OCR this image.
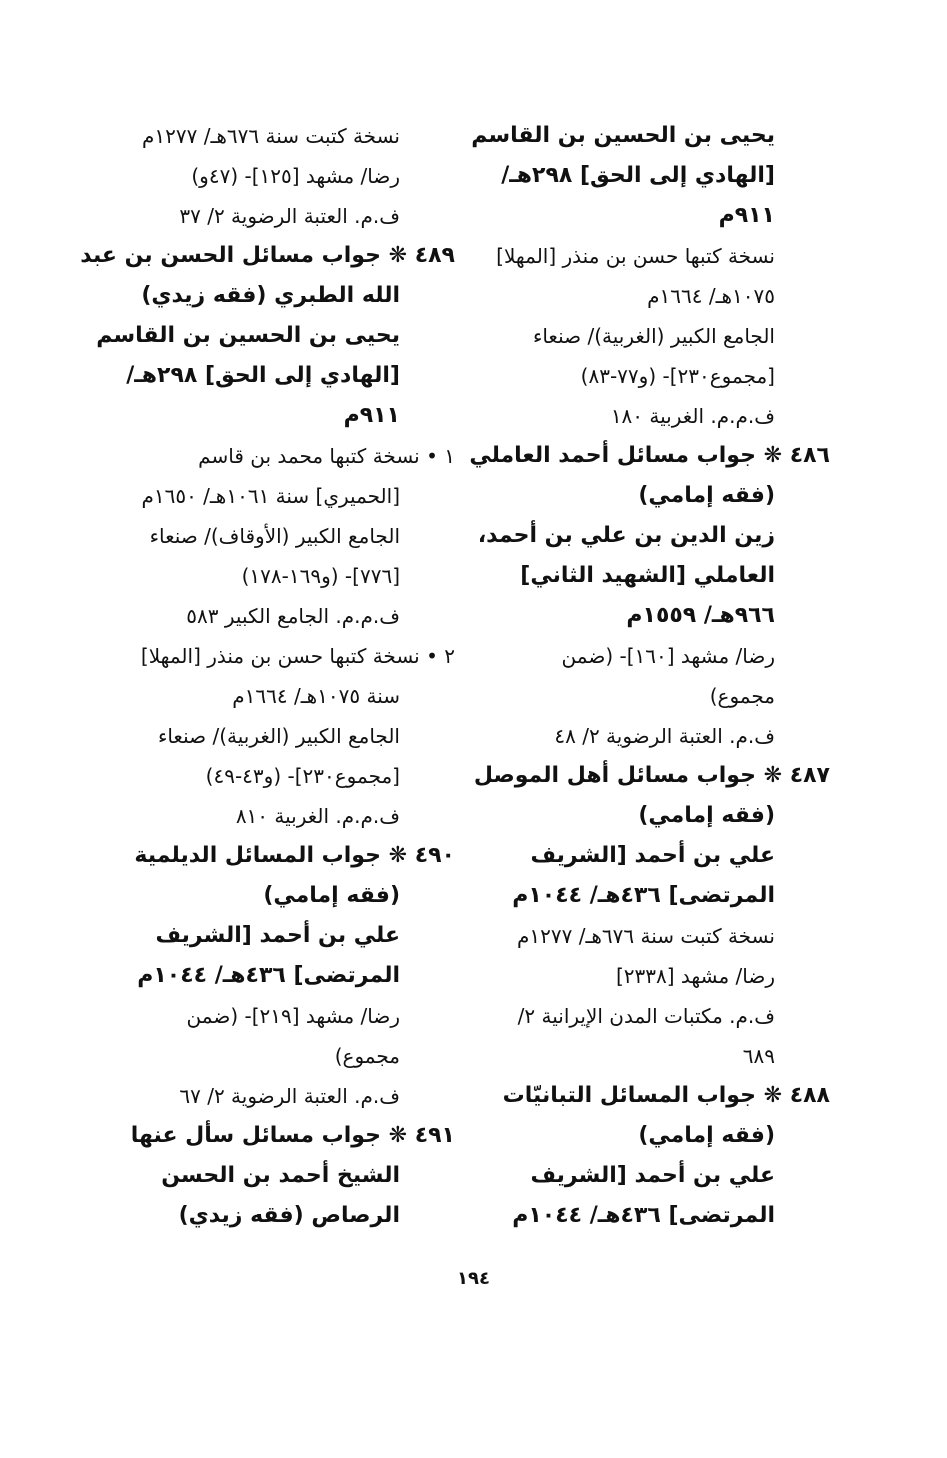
يحيى بن الحسين بن القاسم
[الهادي إلى الحق] ٢٩٨هـ/
٩١١م
نسخة كتبها حسن بن منذر [المهلا]
١٠٧٥هـ/ ١٦٦٤م
الجامع الكبير (الغربية)/ صنعاء
[مجموع٢٣٠]- (و٧٧-٨٣)
ف.م.م. الغربية ١٨٠
٤٨٦ ❋ جواب مسائل أحمد العاملي
(فقه إمامي)
زين الدين بن علي بن أحمد،
العاملي [الشهيد الثاني]
٩٦٦هـ/ ١٥٥٩م
رضا/ مشهد [١٦٠]- (ضمن
مجموع)
ف.م. العتبة الرضوية ٢/ ٤٨
٤٨٧ ❋ جواب مسائل أهل الموصل
(فقه إمامي)
علي بن أحمد [الشريف
المرتضى] ٤٣٦هـ/ ١٠٤٤م
نسخة كتبت سنة ٦٧٦هـ/ ١٢٧٧م
رضا/ مشهد [٢٣٣٨]
ف.م. مكتبات المدن الإيرانية ٢/
٦٨٩
٤٨٨ ❋ جواب المسائل التبانيّات
(فقه إمامي)
علي بن أحمد [الشريف
المرتضى] ٤٣٦هـ/ ١٠٤٤م
نسخة كتبت سنة ٦٧٦هـ/ ١٢٧٧م
رضا/ مشهد [١٢٥]- (٤٧و)
ف.م. العتبة الرضوية ٢/ ٣٧
٤٨٩ ❋ جواب مسائل الحسن بن عبد
الله الطبري (فقه زيدي)
يحيى بن الحسين بن القاسم
[الهادي إلى الحق] ٢٩٨هـ/
٩١١م
١ • نسخة كتبها محمد بن قاسم
[الحميري] سنة ١٠٦١هـ/ ١٦٥٠م
الجامع الكبير (الأوقاف)/ صنعاء
[٧٧٦]- (و١٦٩-١٧٨)
ف.م.م. الجامع الكبير ٥٨٣
٢ • نسخة كتبها حسن بن منذر [المهلا]
سنة ١٠٧٥هـ/ ١٦٦٤م
الجامع الكبير (الغربية)/ صنعاء
[مجموع٢٣٠]- (و٤٣-٤٩)
ف.م.م. الغربية ٨١٠
٤٩٠ ❋ جواب المسائل الديلمية
(فقه إمامي)
علي بن أحمد [الشريف
المرتضى] ٤٣٦هـ/ ١٠٤٤م
رضا/ مشهد [٢١٩]- (ضمن
مجموع)
ف.م. العتبة الرضوية ٢/ ٦٧
٤٩١ ❋ جواب مسائل سأل عنها
الشيخ أحمد بن الحسن
الرصاص (فقه زيدي)
١٩٤
